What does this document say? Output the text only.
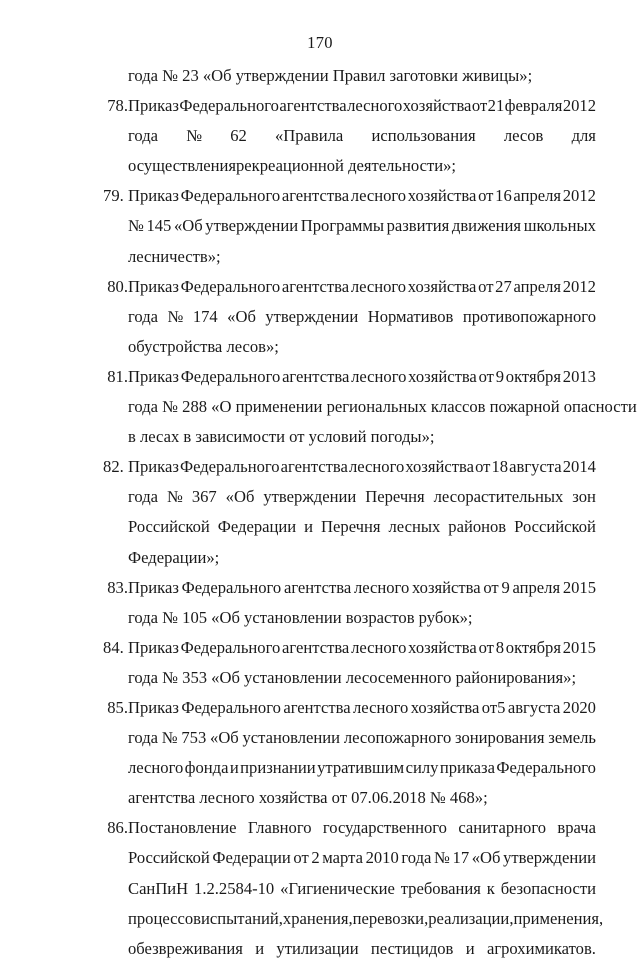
170
года № 23 «Об утверждении Правил заготовки живицы»;
78. Приказ Федерального агентства лесного хозяйства от 21 февраля 2012
года № 62 «Правила использования лесов для
осуществлениярекреационной деятельности»;
79. Приказ Федерального агентства лесного хозяйства от 16 апреля 2012
№ 145 «Об утверждении Программы развития движения школьных
лесничеств»;
80. Приказ Федерального агентства лесного хозяйства от 27 апреля 2012
года № 174 «Об утверждении Нормативов противопожарного
обустройства лесов»;
81. Приказ Федерального агентства лесного хозяйства от 9 октября 2013
года № 288 «О применении региональных классов пожарной опасности
в лесах в зависимости от условий погоды»;
82. Приказ Федерального агентства лесного хозяйства от 18 августа 2014
года № 367 «Об утверждении Перечня лесорастительных зон
Российской Федерации и Перечня лесных районов Российской
Федерации»;
83. Приказ Федерального агентства лесного хозяйства от 9 апреля 2015
года № 105 «Об установлении возрастов рубок»;
84. Приказ Федерального агентства лесного хозяйства от 8 октября 2015
года № 353 «Об установлении лесосеменного районирования»;
85. Приказ Федерального агентства лесного хозяйства от5 августа 2020
года № 753 «Об установлении лесопожарного зонирования земель
лесного фонда и признании утратившим силу приказа Федерального
агентства лесного хозяйства от 07.06.2018 № 468»;
86. Постановление Главного государственного санитарного врача
Российской Федерации от 2 марта 2010 года № 17 «Об утверждении
СанПиН 1.2.2584-10 «Гигиенические требования к безопасности
процессов испытаний, хранения, перевозки, реализации, применения,
обезвреживания и утилизации пестицидов и агрохимикатов.
